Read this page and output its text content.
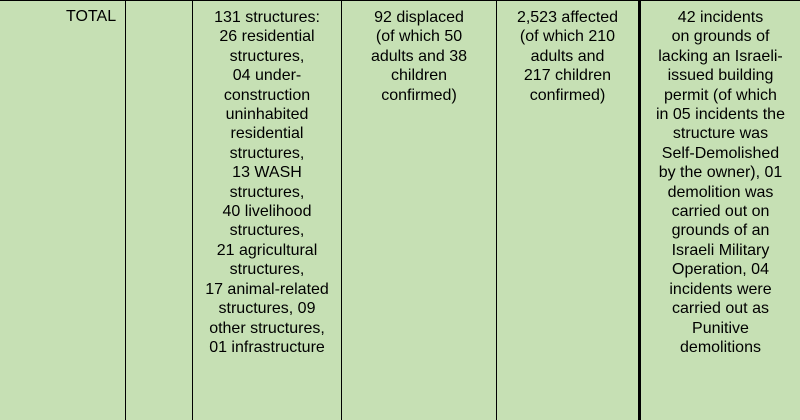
TOTAL	131 structures:
26 residential
structures,
04 under-
construction
uninhabited
residential
structures,
13 WASH
structures,
40 livelihood
structures,
21 agricultural
structures,
17 animal-related
structures, 09
other structures,
01 infrastructure
92 displaced
(of which 50
adults and 38
children
confirmed)
2,523 affected
(of which 210
adults and
217 children
confirmed)
42 incidents
on grounds of
lacking an Israeli-
issued building
permit (of which
in 05 incidents the
structure was
Self-Demolished
by the owner), 01
demolition was
carried out on
grounds of an
Israeli Military
Operation, 04
incidents were
carried out as
Punitive
demolitions
